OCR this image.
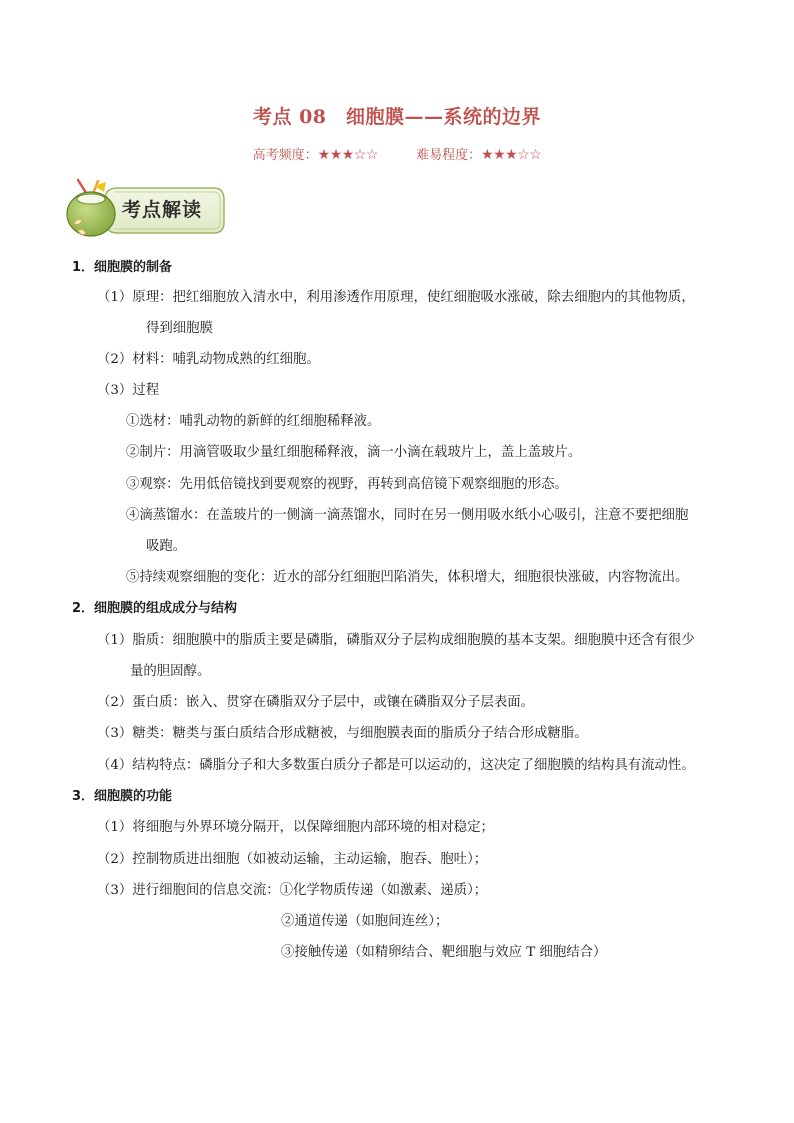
考点 08　细胞膜——系统的边界
高考频度：★★★☆☆	难易程度：★★★☆☆
考点解读
1．细胞膜的制备
（1）原理：把红细胞放入清水中，利用渗透作用原理，使红细胞吸水涨破，除去细胞内的其他物质，
得到细胞膜
（2）材料：哺乳动物成熟的红细胞。
（3）过程
①选材：哺乳动物的新鲜的红细胞稀释液。
②制片：用滴管吸取少量红细胞稀释液，滴一小滴在载玻片上，盖上盖玻片。
③观察：先用低倍镜找到要观察的视野，再转到高倍镜下观察细胞的形态。
④滴蒸馏水：在盖玻片的一侧滴一滴蒸馏水，同时在另一侧用吸水纸小心吸引，注意不要把细胞
吸跑。
⑤持续观察细胞的变化：近水的部分红细胞凹陷消失，体积增大，细胞很快涨破，内容物流出。
2．细胞膜的组成成分与结构
（1）脂质：细胞膜中的脂质主要是磷脂，磷脂双分子层构成细胞膜的基本支架。细胞膜中还含有很少
量的胆固醇。
（2）蛋白质：嵌入、贯穿在磷脂双分子层中，或镶在磷脂双分子层表面。
（3）糖类：糖类与蛋白质结合形成糖被，与细胞膜表面的脂质分子结合形成糖脂。
（4）结构特点：磷脂分子和大多数蛋白质分子都是可以运动的，这决定了细胞膜的结构具有流动性。
3．细胞膜的功能
（1）将细胞与外界环境分隔开，以保障细胞内部环境的相对稳定；
（2）控制物质进出细胞（如被动运输，主动运输，胞吞、胞吐）；
（3）进行细胞间的信息交流：①化学物质传递（如激素、递质）；
②通道传递（如胞间连丝）；
③接触传递（如精卵结合、靶细胞与效应 T 细胞结合）
